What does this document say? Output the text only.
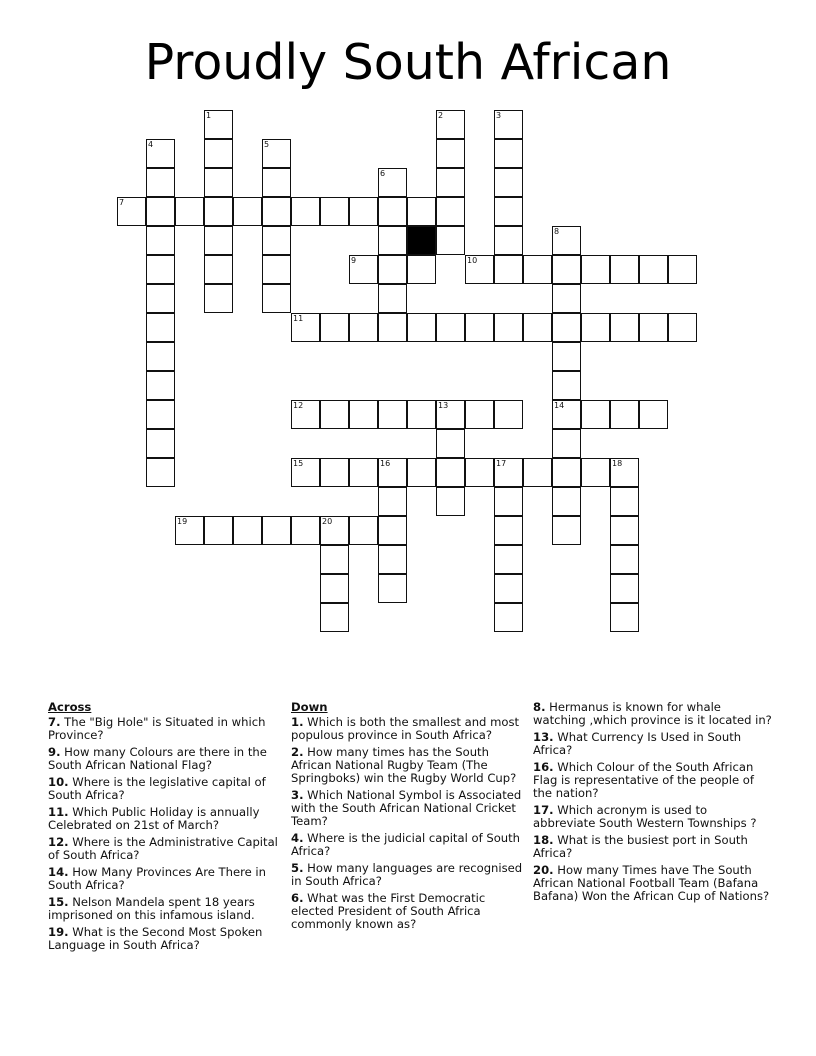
Proudly South African
7
9	10
11
12	13	14
15	16	17	18
19	20
1	2	3
4	5
6
8
Across
7. The "Big Hole" is Situated in which Province?
9. How many Colours are there in the South African National Flag?
10. Where is the legislative capital of South Africa?
11. Which Public Holiday is annually Celebrated on 21st of March?
12. Where is the Administrative Capital of South Africa?
14. How Many Provinces Are There in South Africa?
15. Nelson Mandela spent 18 years imprisoned on this infamous island.
19. What is the Second Most Spoken Language in South Africa?
Down
1. Which is both the smallest and most populous province in South Africa?
2. How many times has the South African National Rugby Team (The Springboks) win the Rugby World Cup?
3. Which National Symbol is Associated with the South African National Cricket Team?
4. Where is the judicial capital of South Africa?
5. How many languages are recognised in South Africa?
6. What was the First Democratic elected President of South Africa commonly known as?
8. Hermanus is known for whale watching ,which province is it located in?
13. What Currency Is Used in South Africa?
16. Which Colour of the South African Flag is representative of the people of the nation?
17. Which acronym is used to abbreviate South Western Townships ?
18. What is the busiest port in South Africa?
20. How many Times have The South African National Football Team (Bafana Bafana) Won the African Cup of Nations?
